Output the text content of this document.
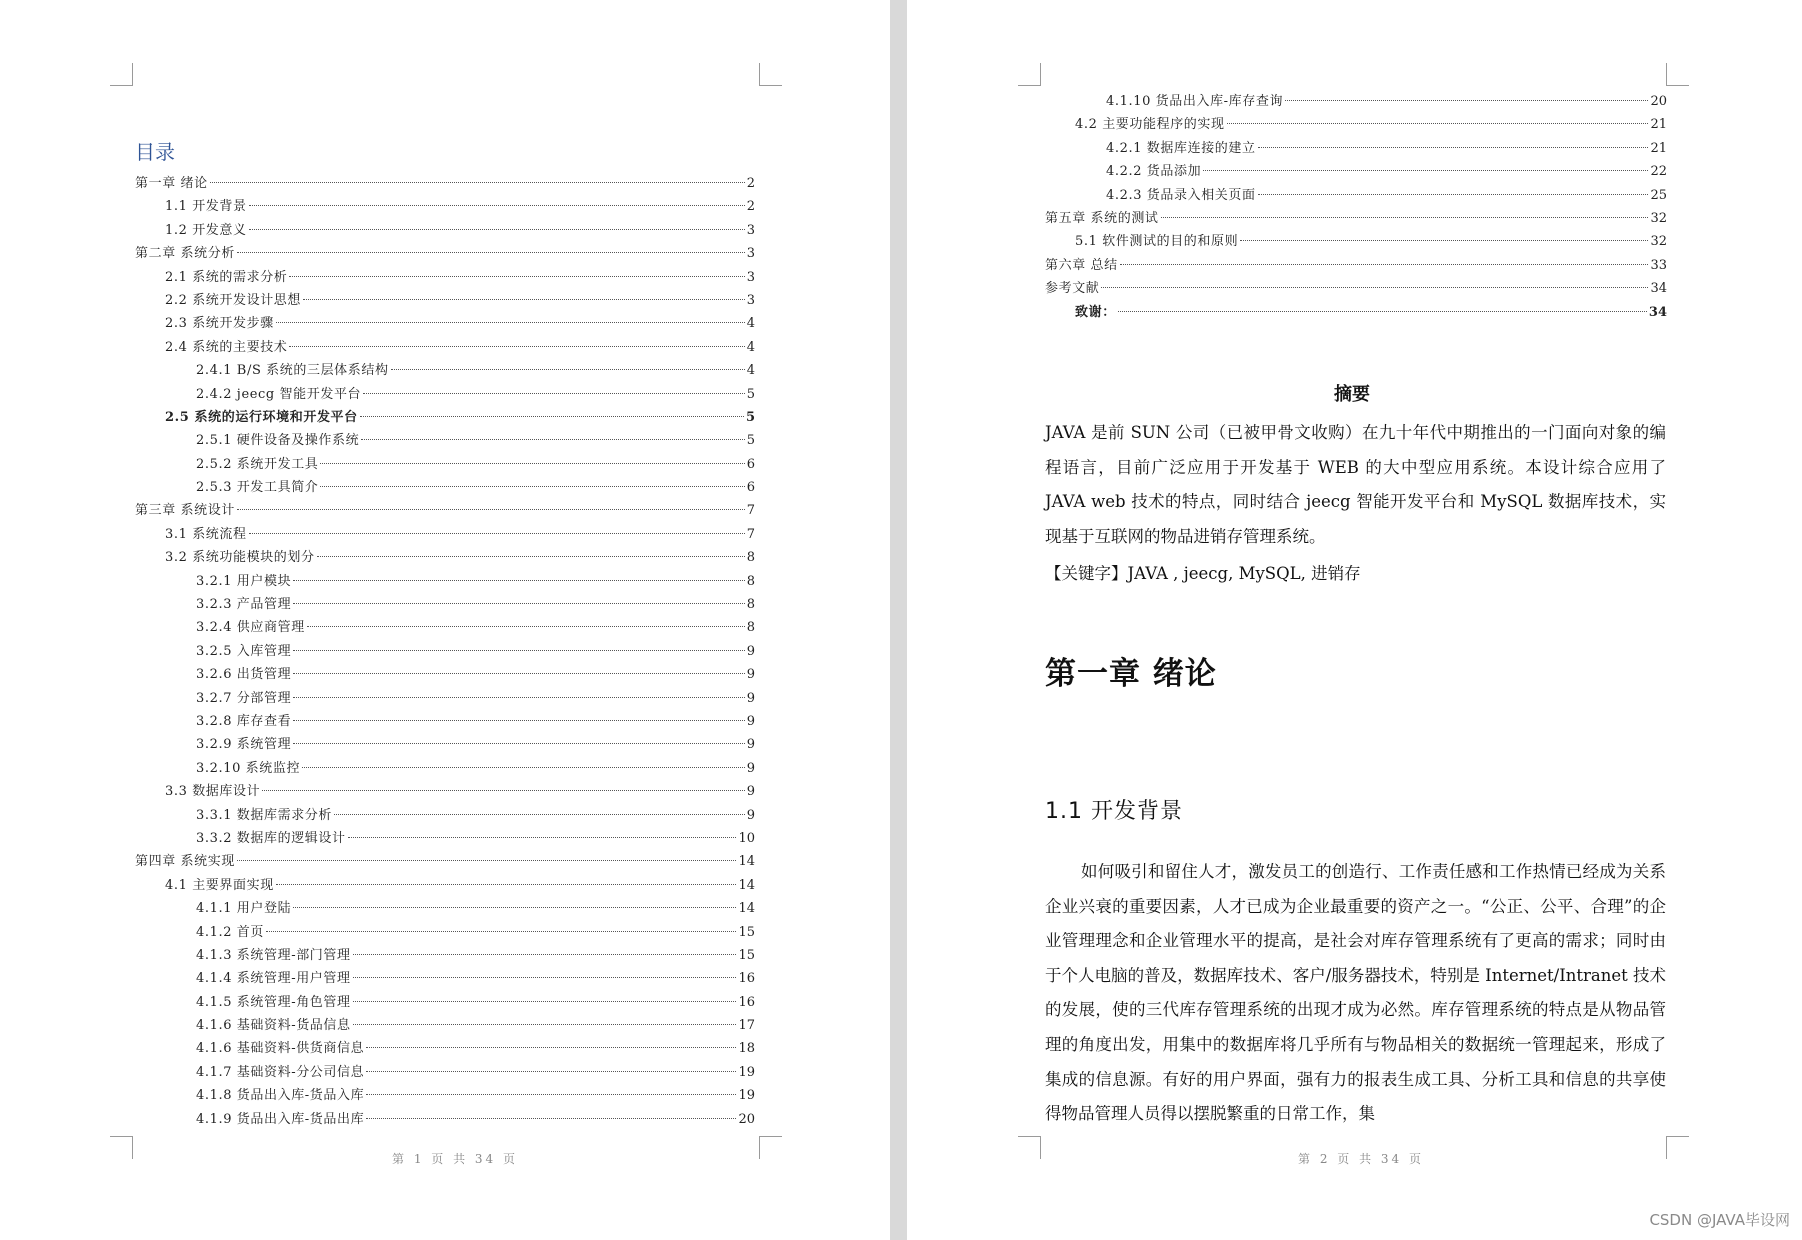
目录
第一章 绪论	2
1.1 开发背景	2
1.2 开发意义	3
第二章 系统分析	3
2.1 系统的需求分析	3
2.2 系统开发设计思想	3
2.3 系统开发步骤	4
2.4 系统的主要技术	4
2.4.1 B/S 系统的三层体系结构	4
2.4.2 jeecg 智能开发平台	5
2.5 系统的运行环境和开发平台	5
2.5.1 硬件设备及操作系统	5
2.5.2 系统开发工具	6
2.5.3 开发工具简介	6
第三章 系统设计	7
3.1 系统流程	7
3.2 系统功能模块的划分	8
3.2.1 用户模块	8
3.2.3 产品管理	8
3.2.4 供应商管理	8
3.2.5 入库管理	9
3.2.6 出货管理	9
3.2.7 分部管理	9
3.2.8 库存查看	9
3.2.9 系统管理	9
3.2.10 系统监控	9
3.3 数据库设计	9
3.3.1 数据库需求分析	9
3.3.2 数据库的逻辑设计	10
第四章 系统实现	14
4.1 主要界面实现	14
4.1.1 用户登陆	14
4.1.2 首页	15
4.1.3 系统管理-部门管理	15
4.1.4 系统管理-用户管理	16
4.1.5 系统管理-角色管理	16
4.1.6 基础资料-货品信息	17
4.1.6 基础资料-供货商信息	18
4.1.7 基础资料-分公司信息	19
4.1.8 货品出入库-货品入库	19
4.1.9 货品出入库-货品出库	20
第 1 页 共 34 页
4.1.10 货品出入库-库存查询	20
4.2 主要功能程序的实现	21
4.2.1 数据库连接的建立	21
4.2.2 货品添加	22
4.2.3 货品录入相关页面	25
第五章 系统的测试	32
5.1 软件测试的目的和原则	32
第六章 总结	33
参考文献	34
致谢：	34
摘要
JAVA 是前 SUN 公司（已被甲骨文收购）在九十年代中期推出的一门面向对象的编程语言，目前广泛应用于开发基于 WEB 的大中型应用系统。本设计综合应用了 JAVA web 技术的特点，同时结合 jeecg 智能开发平台和 MySQL 数据库技术，实现基于互联网的物品进销存管理系统。
【关键字】JAVA , jeecg, MySQL, 进销存
第一章 绪论
1.1 开发背景
如何吸引和留住人才，激发员工的创造行、工作责任感和工作热情已经成为关系企业兴衰的重要因素，人才已成为企业最重要的资产之一。“公正、公平、合理”的企业管理理念和企业管理水平的提高，是社会对库存管理系统有了更高的需求；同时由于个人电脑的普及，数据库技术、客户/服务器技术，特别是 Internet/Intranet 技术的发展，使的三代库存管理系统的出现才成为必然。库存管理系统的特点是从物品管理的角度出发，用集中的数据库将几乎所有与物品相关的数据统一管理起来，形成了集成的信息源。有好的用户界面，强有力的报表生成工具、分析工具和信息的共享使得物品管理人员得以摆脱繁重的日常工作，集
第 2 页 共 34 页
CSDN @JAVA毕设网
